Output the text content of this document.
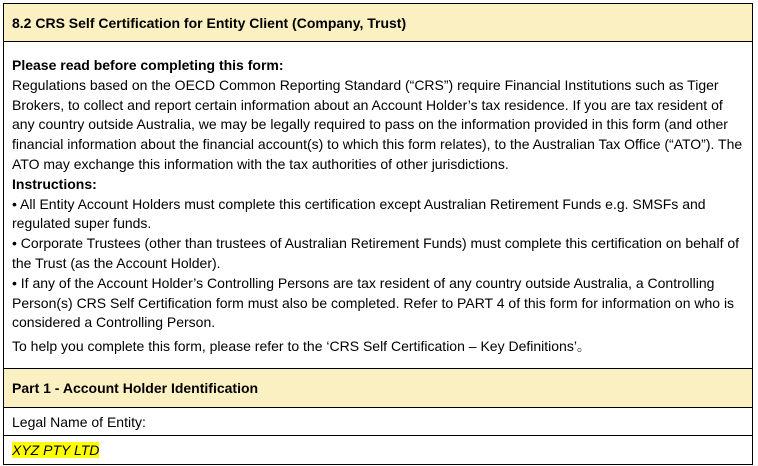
8.2 CRS Self Certification for Entity Client (Company, Trust)

Please read before completing this form:

Regulations based on the OECD Common Reporting Standard (“CRS”) require Financial Institutions such as Tiger Brokers, to collect and report certain information about an Account Holder’s tax residence. If you are tax resident of any country outside Australia, we may be legally required to pass on the information provided in this form (and other financial information about the financial account(s) to which this form relates), to the Australian Tax Office (“ATO”). The ATO may exchange this information with the tax authorities of other jurisdictions.

Instructions:

• All Entity Account Holders must complete this certification except Australian Retirement Funds e.g. SMSFs and regulated super funds.

• Corporate Trustees (other than trustees of Australian Retirement Funds) must complete this certification on behalf of the Trust (as the Account Holder).

• If any of the Account Holder’s Controlling Persons are tax resident of any country outside Australia, a Controlling Person(s) CRS Self Certification form must also be completed. Refer to PART 4 of this form for information on who is considered a Controlling Person.

To help you complete this form, please refer to the ‘CRS Self Certification – Key Definitions’。

Part 1 - Account Holder Identification
Legal Name of Entity:
XYZ PTY LTD
